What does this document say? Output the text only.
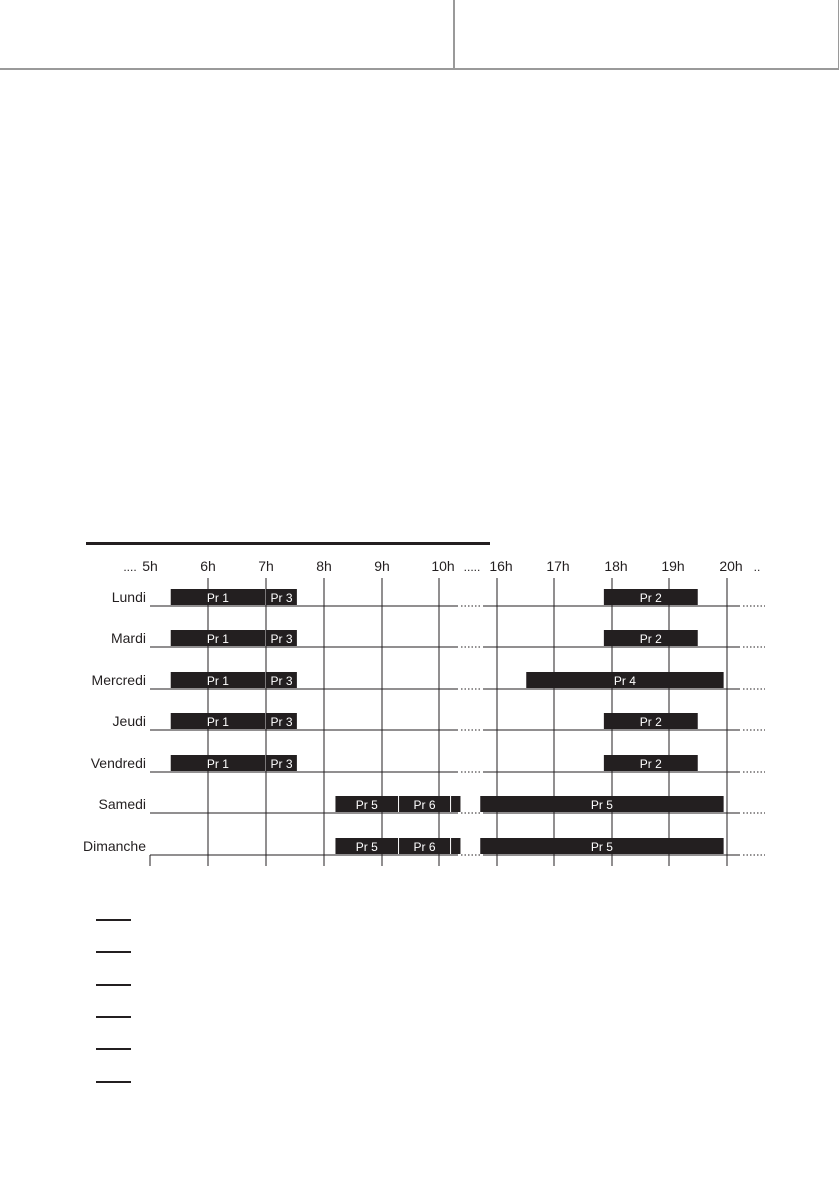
.... 5h	6h	7h	8h	9h	10h ..... 16h 17h 18h 19h 20h ..
Lundi	Pr 1	Pr 3	Pr 2
Mardi	Pr 1	Pr 3	Pr 2
Mercredi	Pr 1	Pr 3	Pr 4
Jeudi	Pr 1	Pr 3	Pr 2
Vendredi	Pr 1	Pr 3	Pr 2
Samedi	Pr 5	Pr 6	Pr 5
Dimanche	Pr 5	Pr 6	Pr 5
